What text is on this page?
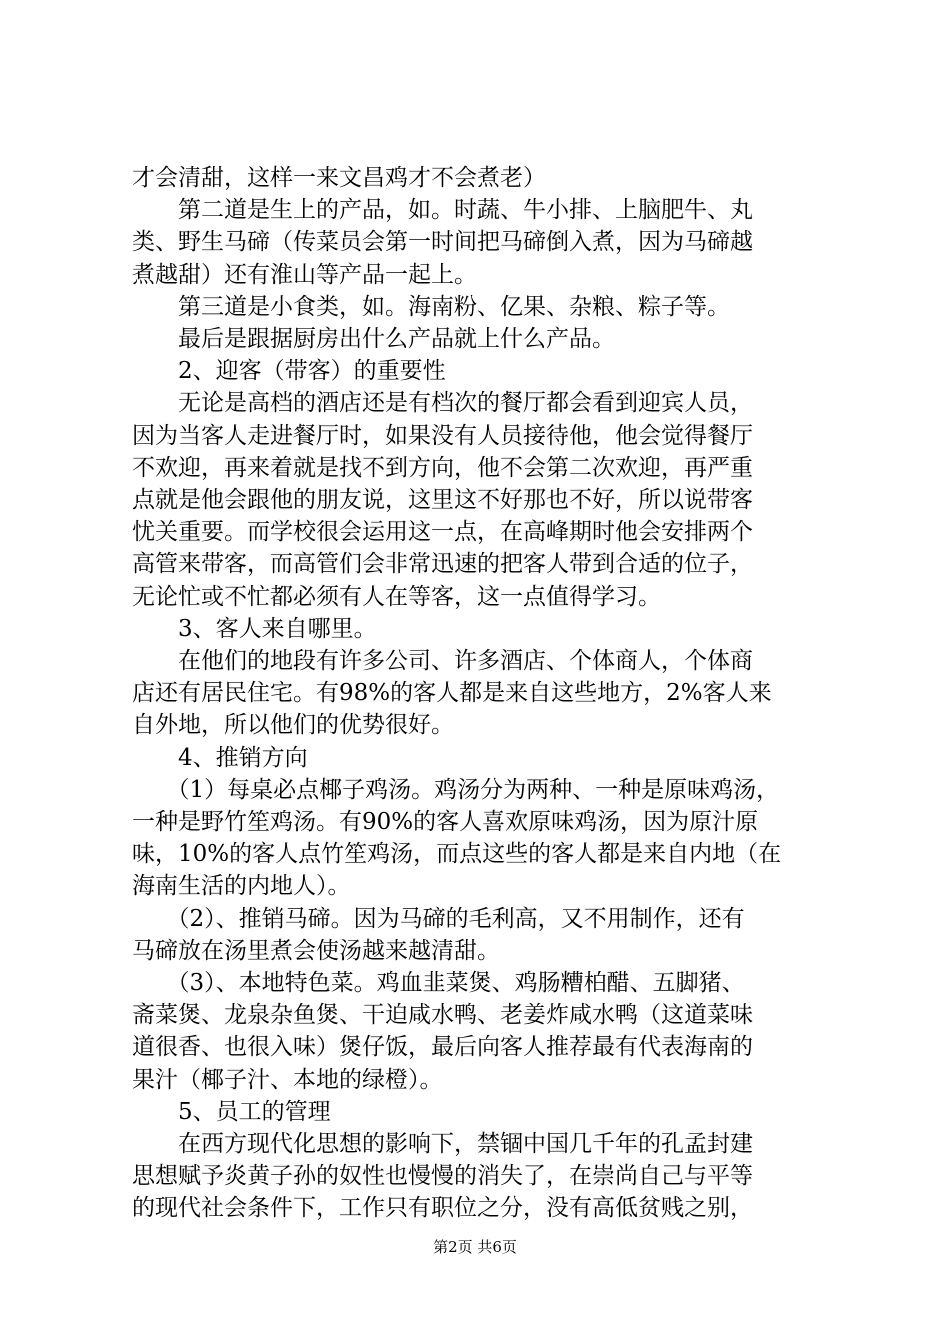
才会清甜，这样一来文昌鸡才不会煮老）
　　第二道是生上的产品，如。时蔬、牛小排、上脑肥牛、丸
类、野生马碲（传菜员会第一时间把马碲倒入煮，因为马碲越
煮越甜）还有淮山等产品一起上。
　　第三道是小食类，如。海南粉、亿果、杂粮、粽子等。
　　最后是跟据厨房出什么产品就上什么产品。
　　2、迎客（带客）的重要性
　　无论是高档的酒店还是有档次的餐厅都会看到迎宾人员，
因为当客人走进餐厅时，如果没有人员接待他，他会觉得餐厅
不欢迎，再来着就是找不到方向，他不会第二次欢迎，再严重
点就是他会跟他的朋友说，这里这不好那也不好，所以说带客
忧关重要。而学校很会运用这一点，在高峰期时他会安排两个
高管来带客，而高管们会非常迅速的把客人带到合适的位子，
无论忙或不忙都必须有人在等客，这一点值得学习。
　　3、客人来自哪里。
　　在他们的地段有许多公司、许多酒店、个体商人，个体商
店还有居民住宅。有98%的客人都是来自这些地方，2%客人来
自外地，所以他们的优势很好。
　　4、推销方向
　　（1）每桌必点椰子鸡汤。鸡汤分为两种、一种是原味鸡汤，
一种是野竹笙鸡汤。有90%的客人喜欢原味鸡汤，因为原汁原
味，10%的客人点竹笙鸡汤，而点这些的客人都是来自内地（在
海南生活的内地人）。
　　（2）、推销马碲。因为马碲的毛利高，又不用制作，还有
马碲放在汤里煮会使汤越来越清甜。
　　（3）、本地特色菜。鸡血韭菜煲、鸡肠糟柏醋、五脚猪、
斋菜煲、龙泉杂鱼煲、干迫咸水鸭、老姜炸咸水鸭（这道菜味
道很香、也很入味）煲仔饭，最后向客人推荐最有代表海南的
果汁（椰子汁、本地的绿橙）。
　　5、员工的管理
　　在西方现代化思想的影响下，禁锢中国几千年的孔孟封建
思想赋予炎黄子孙的奴性也慢慢的消失了，在崇尚自己与平等
的现代社会条件下，工作只有职位之分，没有高低贫贱之别，
第2页 共6页
